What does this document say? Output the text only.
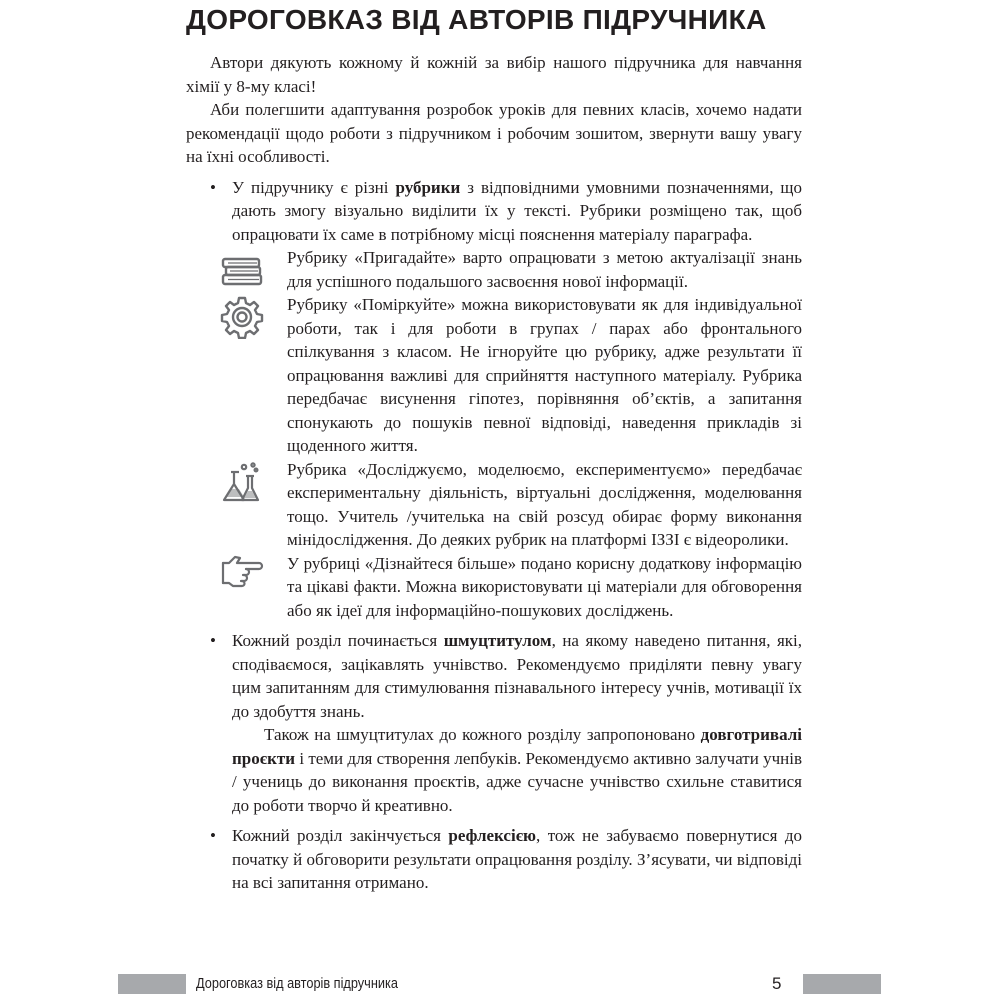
ДОРОГОВКАЗ ВІД АВТОРІВ ПІДРУЧНИКА

Автори дякують кожному й кожній за вибір нашого підручника для навчання хімії у 8-му класі!

Аби полегшити адаптування розробок уроків для певних класів, хочемо надати рекомендації щодо роботи з підручником і робочим зошитом, звернути вашу увагу на їхні особливості.

• У підручнику є різні рубрики з відповідними умовними позначеннями, що дають змогу візуально виділити їх у тексті. Рубрики розміщено так, щоб опрацювати їх саме в потрібному місці пояснення матеріалу параграфа.

Рубрику «Пригадайте» варто опрацювати з метою актуалізації знань для успішного подальшого засвоєння нової інформації.

Рубрику «Поміркуйте» можна використовувати як для індивідуальної роботи, так і для роботи в групах / парах або фронтального спілкування з класом. Не ігноруйте цю рубрику, адже результати її опрацювання важливі для сприйняття наступного матеріалу. Рубрика передбачає висунення гіпотез, порівняння об’єктів, а запитання спонукають до пошуків певної відповіді, наведення прикладів зі щоденного життя.

Рубрика «Досліджуємо, моделюємо, експериментуємо» передбачає експериментальну діяльність, віртуальні дослідження, моделювання тощо. Учитель /учителька на свій розсуд обирає форму виконання мінідослідження. До деяких рубрик на платформі ІЗЗІ є відеоролики.

У рубриці «Дізнайтеся більше» подано корисну додаткову інформацію та цікаві факти. Можна використовувати ці матеріали для обговорення або як ідеї для інформаційно-пошукових досліджень.

• Кожний розділ починається шмуцтитулом, на якому наведено питання, які, сподіваємося, зацікавлять учнівство. Рекомендуємо приділяти певну увагу цим запитанням для стимулювання пізнавального інтересу учнів, мотивації їх до здобуття знань.

Також на шмуцтитулах до кожного розділу запропоновано довготривалі проєкти і теми для створення лепбуків. Рекомендуємо активно залучати учнів / учениць до виконання проєктів, адже сучасне учнівство схильне ставитися до роботи творчо й креативно.

• Кожний розділ закінчується рефлексією, тож не забуваємо повернутися до початку й обговорити результати опрацювання розділу. З’ясувати, чи відповіді на всі запитання отримано.

Дороговказ від авторів підручника	5
